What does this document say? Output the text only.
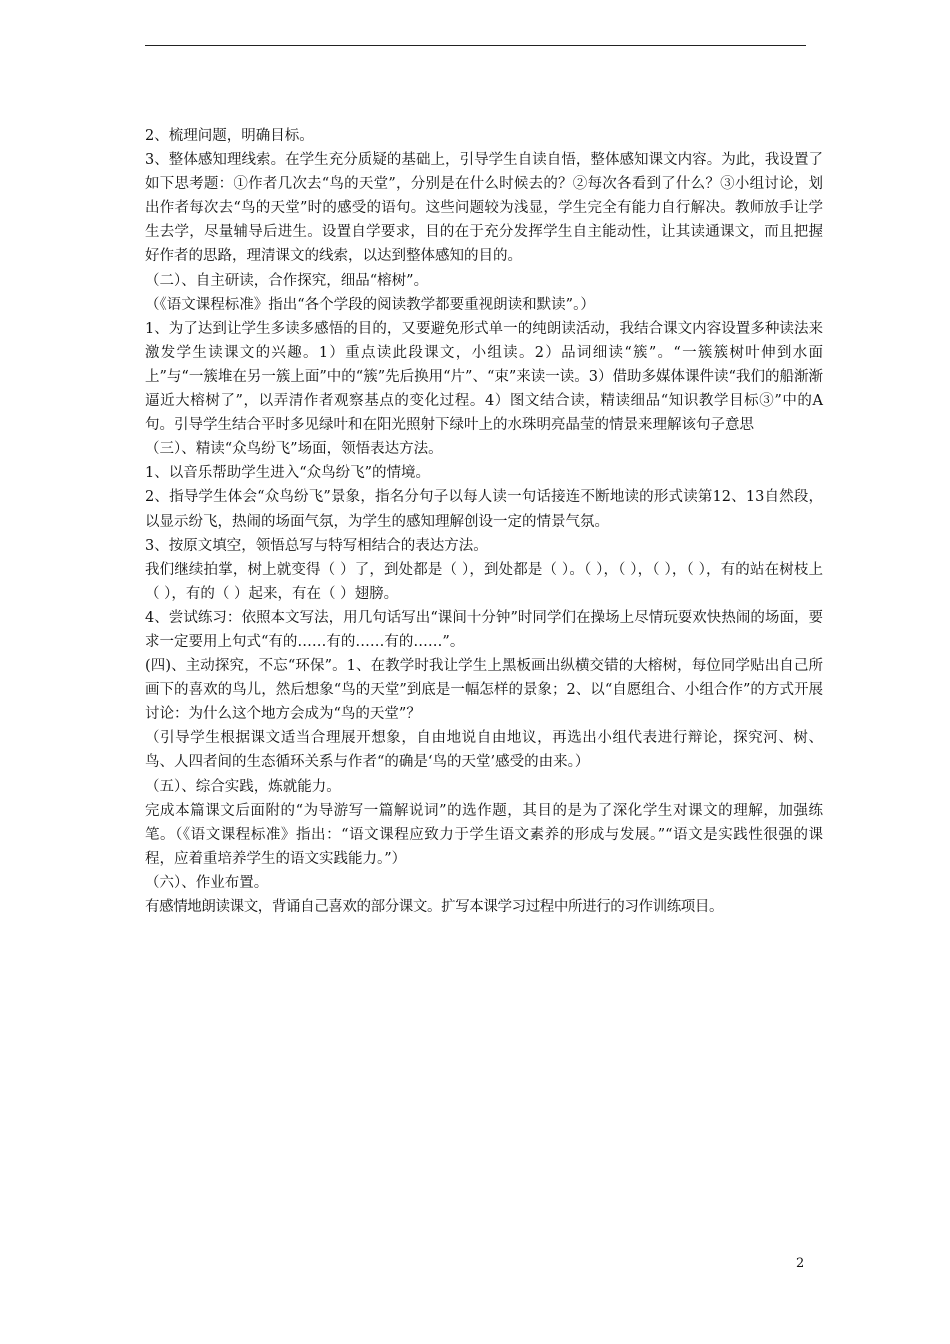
2、梳理问题，明确目标。

3、整体感知理线索。在学生充分质疑的基础上，引导学生自读自悟，整体感知课文内容。为此，我设置了如下思考题：①作者几次去“鸟的天堂”，分别是在什么时候去的？②每次各看到了什么？③小组讨论，划出作者每次去“鸟的天堂”时的感受的语句。这些问题较为浅显，学生完全有能力自行解决。教师放手让学生去学，尽量辅导后进生。设置自学要求，目的在于充分发挥学生自主能动性，让其读通课文，而且把握好作者的思路，理清课文的线索，以达到整体感知的目的。

（二）、自主研读，合作探究，细品“榕树”。

（《语文课程标准》指出“各个学段的阅读教学都要重视朗读和默读”。）

1、为了达到让学生多读多感悟的目的，又要避免形式单一的纯朗读活动，我结合课文内容设置多种读法来激发学生读课文的兴趣。1）重点读此段课文，小组读。2）品词细读“簇”。“一簇簇树叶伸到水面上”与“一簇堆在另一簇上面”中的“簇”先后换用“片”、“束”来读一读。3）借助多媒体课件读“我们的船渐渐逼近大榕树了”，以弄清作者观察基点的变化过程。4）图文结合读，精读细品“知识教学目标③”中的A句。引导学生结合平时多见绿叶和在阳光照射下绿叶上的水珠明亮晶莹的情景来理解该句子意思

（三）、精读“众鸟纷飞”场面，领悟表达方法。

1、以音乐帮助学生进入“众鸟纷飞”的情境。

2、指导学生体会“众鸟纷飞”景象，指名分句子以每人读一句话接连不断地读的形式读第12、13自然段，以显示纷飞，热闹的场面气氛，为学生的感知理解创设一定的情景气氛。

3、按原文填空，领悟总写与特写相结合的表达方法。

我们继续拍掌，树上就变得（ ）了，到处都是（ ），到处都是（ ）。（ ），（ ），（ ），（ ），有的站在树枝上（ ），有的（ ）起来，有在（ ）翅膀。

4、尝试练习：依照本文写法，用几句话写出“课间十分钟”时同学们在操场上尽情玩耍欢快热闹的场面，要求一定要用上句式“有的……有的……有的……”。

(四)、主动探究，不忘“环保”。1、在教学时我让学生上黑板画出纵横交错的大榕树，每位同学贴出自己所画下的喜欢的鸟儿，然后想象“鸟的天堂”到底是一幅怎样的景象；2、以“自愿组合、小组合作”的方式开展讨论：为什么这个地方会成为“鸟的天堂”？

（引导学生根据课文适当合理展开想象，自由地说自由地议，再选出小组代表进行辩论，探究河、树、鸟、人四者间的生态循环关系与作者“的确是‘鸟的天堂’感受的由来。）

（五）、综合实践，炼就能力。

完成本篇课文后面附的“为导游写一篇解说词”的选作题，其目的是为了深化学生对课文的理解，加强练笔。（《语文课程标准》指出：“语文课程应致力于学生语文素养的形成与发展。”“语文是实践性很强的课程，应着重培养学生的语文实践能力。”）

（六）、作业布置。

有感情地朗读课文，背诵自己喜欢的部分课文。扩写本课学习过程中所进行的习作训练项目。

2
